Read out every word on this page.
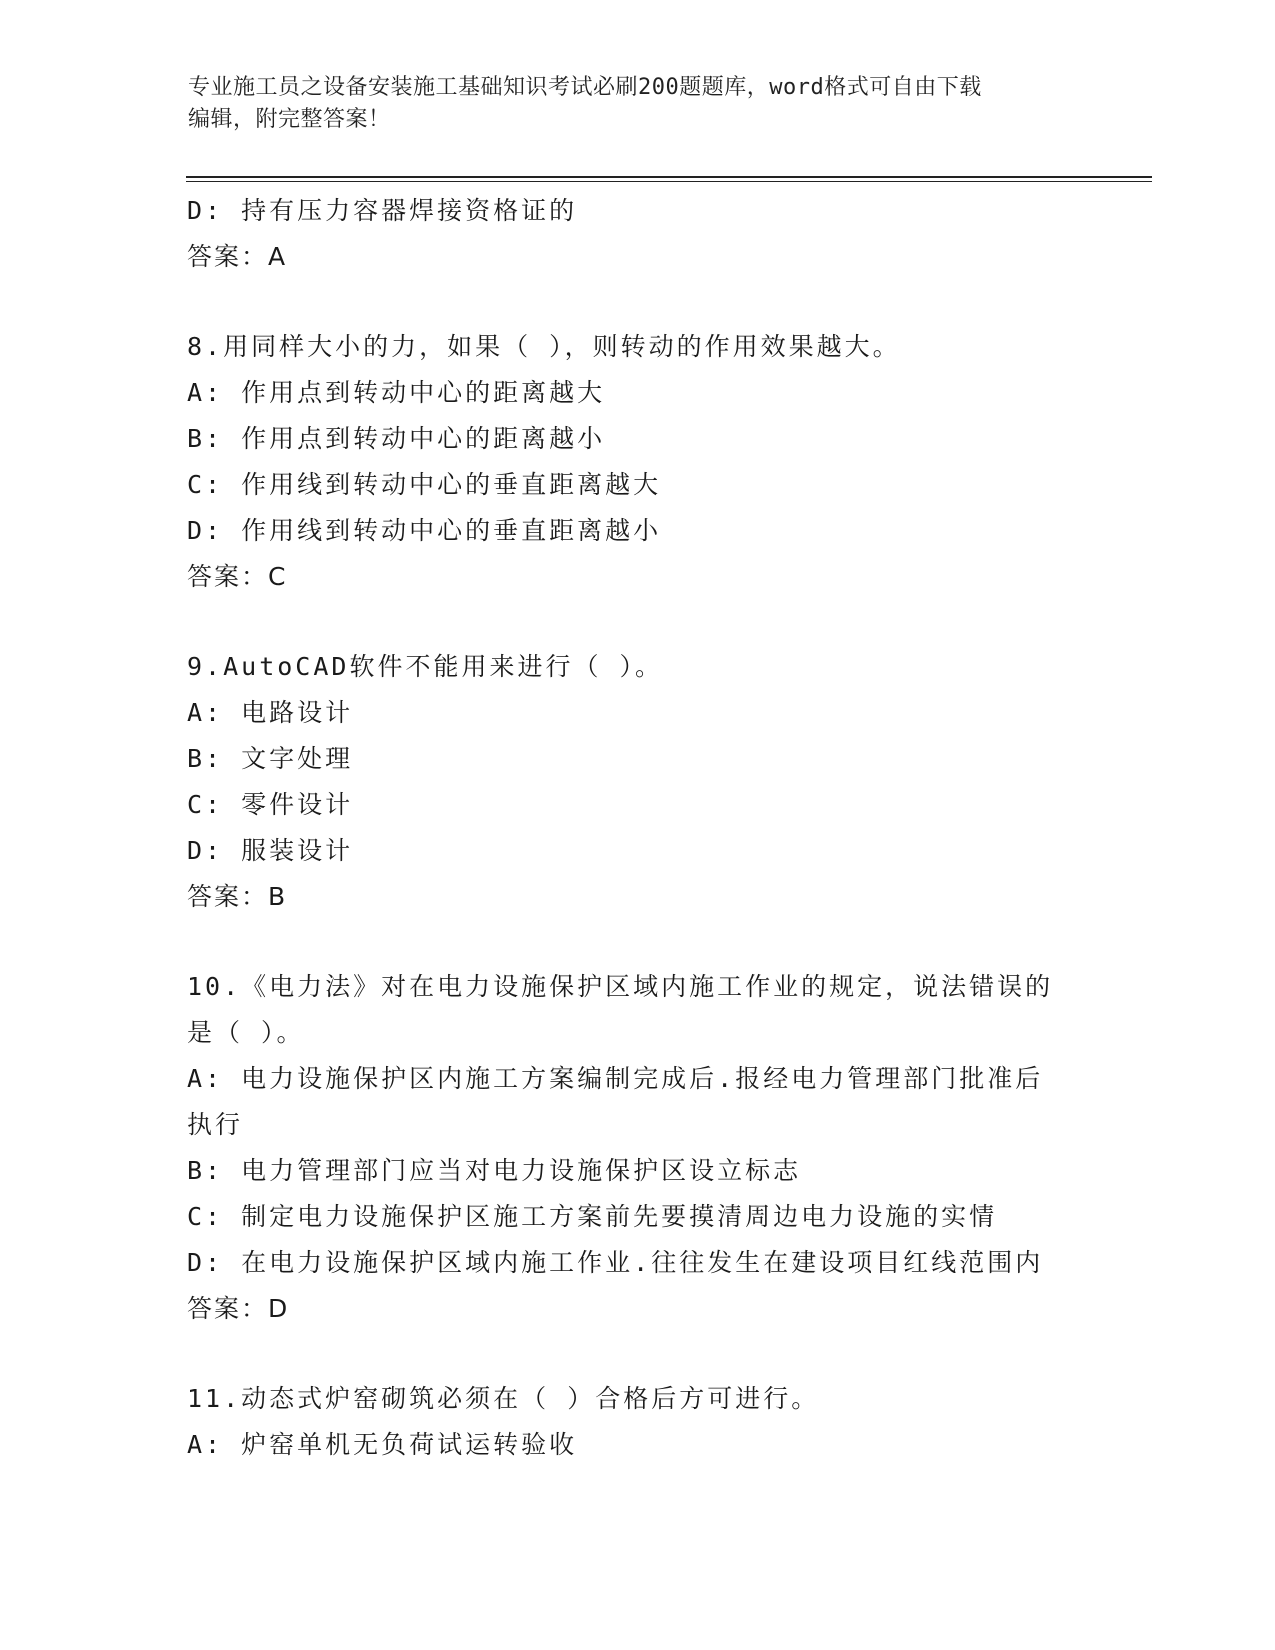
专业施工员之设备安装施工基础知识考试必刷200题题库，word格式可自由下载
编辑，附完整答案！
D: 持有压力容器焊接资格证的
答案：A
8.用同样大小的力，如果（ ），则转动的作用效果越大。
A: 作用点到转动中心的距离越大
B: 作用点到转动中心的距离越小
C: 作用线到转动中心的垂直距离越大
D: 作用线到转动中心的垂直距离越小
答案：C
9.AutoCAD软件不能用来进行（ ）。
A: 电路设计
B: 文字处理
C: 零件设计
D: 服装设计
答案：B
10.《电力法》对在电力设施保护区域内施工作业的规定，说法错误的
是（ ）。
A: 电力设施保护区内施工方案编制完成后.报经电力管理部门批准后
执行
B: 电力管理部门应当对电力设施保护区设立标志
C: 制定电力设施保护区施工方案前先要摸清周边电力设施的实情
D: 在电力设施保护区域内施工作业.往往发生在建设项目红线范围内
答案：D
11.动态式炉窑砌筑必须在（ ）合格后方可进行。
A: 炉窑单机无负荷试运转验收
